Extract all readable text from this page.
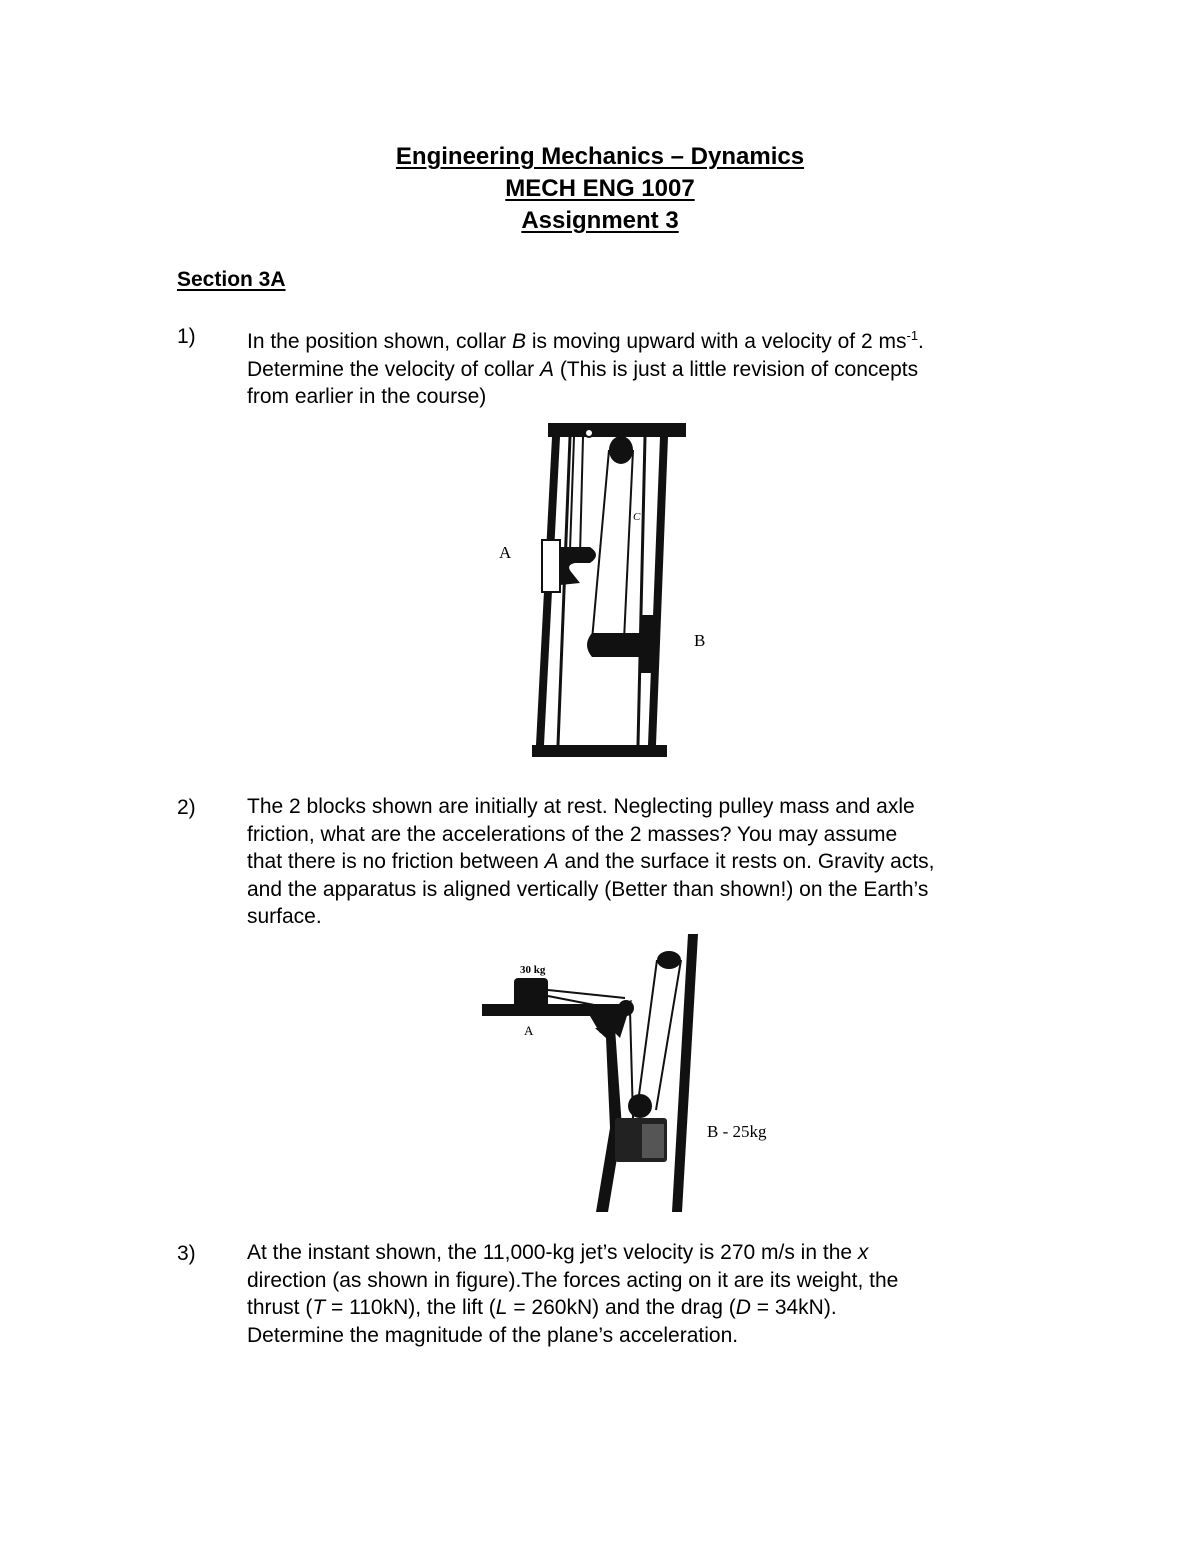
Engineering Mechanics – Dynamics
MECH ENG 1007
Assignment 3
Section 3A
1) In the position shown, collar B is moving upward with a velocity of 2 $ms^{-1}$.
Determine the velocity of collar A (This is just a little revision of concepts
from earlier in the course)
A
B
C
2) The 2 blocks shown are initially at rest. Neglecting pulley mass and axle
friction, what are the accelerations of the 2 masses? You may assume
that there is no friction between A and the surface it rests on. Gravity acts,
and the apparatus is aligned vertically (Better than shown!) on the Earth’s
surface.
30 kg
A
B - 25kg
3) At the instant shown, the 11,000-kg jet’s velocity is 270 m/s in the x
direction (as shown in figure).The forces acting on it are its weight, the
thrust (T = 110kN), the lift (L = 260kN) and the drag (D = 34kN).
Determine the magnitude of the plane’s acceleration.
